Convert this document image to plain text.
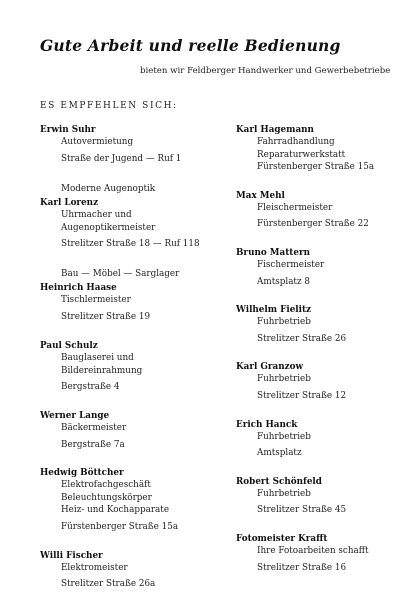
Gute Arbeit und reelle Bedienung
bieten wir Feldberger Handwerker und Gewerbebetriebe
ES EMPFEHLEN SICH:
Erwin Suhr
Autovermietung
Straße der Jugend — Ruf 1
Moderne Augenoptik
Karl Lorenz
Uhrmacher und
Augenoptikermeister
Strelitzer Straße 18 — Ruf 118
Bau — Möbel — Sarglager
Heinrich Haase
Tischlermeister
Strelitzer Straße 19
Paul Schulz
Bauglaserei und
Bildereinrahmung
Bergstraße 4
Werner Lange
Bäckermeister
Bergstraße 7a
Hedwig Böttcher
Elektrofachgeschäft
Beleuchtungskörper
Heiz- und Kochapparate
Fürstenberger Straße 15a
Willi Fischer
Elektromeister
Strelitzer Straße 26a
Karl Hagemann
Fahrradhandlung
Reparaturwerkstatt
Fürstenberger Straße 15a
Max Mehl
Fleischermeister
Fürstenberger Straße 22
Bruno Mattern
Fischermeister
Amtsplatz 8
Wilhelm Fielitz
Fuhrbetrieb
Strelitzer Straße 26
Karl Granzow
Fuhrbetrieb
Strelitzer Straße 12
Erich Hanck
Fuhrbetrieb
Amtsplatz
Robert Schönfeld
Fuhrbetrieb
Strelitzer Straße 45
Fotomeister Krafft
Ihre Fotoarbeiten schafft
Strelitzer Straße 16
